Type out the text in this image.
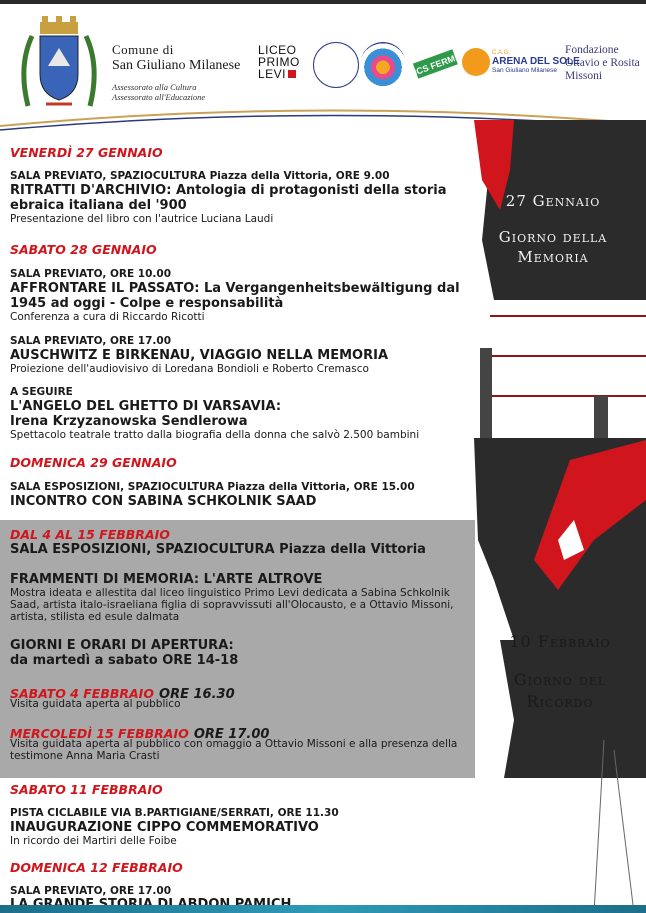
Comune di
San Giuliano Milanese
Assessorato alla Cultura
Assessorato all'Educazione
LICEO
PRIMO
LEVI	ICS FERMI	C.A.G.
ARENA DEL SOLE
San Giuliano Milanese
Fondazione
Ottavio e Rosita
Missoni
27 Gennaio
Giorno della
Memoria
10 Febbraio
Giorno del
Ricordo
VENERDÌ 27 GENNAIO
SALA PREVIATO, SPAZIOCULTURA Piazza della Vittoria, ORE 9.00
RITRATTI D'ARCHIVIO: Antologia di protagonisti della storia ebraica italiana del '900
Presentazione del libro con l'autrice Luciana Laudi
SABATO 28 GENNAIO
SALA PREVIATO, ORE 10.00
AFFRONTARE IL PASSATO: La Vergangenheitsbewältigung dal 1945 ad oggi - Colpe e responsabilità
Conferenza a cura di Riccardo Ricotti
SALA PREVIATO, ORE 17.00
AUSCHWITZ E BIRKENAU, VIAGGIO NELLA MEMORIA
Proiezione dell'audiovisivo di Loredana Bondioli e Roberto Cremasco
A SEGUIRE
L'ANGELO DEL GHETTO DI VARSAVIA:
Irena Krzyzanowska Sendlerowa
Spettacolo teatrale tratto dalla biografia della donna che salvò 2.500 bambini
DOMENICA 29 GENNAIO
SALA ESPOSIZIONI, SPAZIOCULTURA Piazza della Vittoria, ORE 15.00
INCONTRO CON SABINA SCHKOLNIK SAAD
DAL 4 AL 15 FEBBRAIO
SALA ESPOSIZIONI, SPAZIOCULTURA Piazza della Vittoria
FRAMMENTI DI MEMORIA: L'ARTE ALTROVE
Mostra ideata e allestita dal liceo linguistico Primo Levi dedicata a Sabina Schkolnik Saad, artista italo-israeliana figlia di sopravvissuti all'Olocausto, e a Ottavio Missoni, artista, stilista ed esule dalmata
GIORNI E ORARI DI APERTURA:
da martedì a sabato ORE 14-18
SABATO 4 FEBBRAIO ORE 16.30
Visita guidata aperta al pubblico
MERCOLEDÌ 15 FEBBRAIO ORE 17.00
Visita guidata aperta al pubblico con omaggio a Ottavio Missoni e alla presenza della testimone Anna Maria Crasti
SABATO 11 FEBBRAIO
PISTA CICLABILE VIA B.PARTIGIANE/SERRATI, ORE 11.30
INAUGURAZIONE CIPPO COMMEMORATIVO
In ricordo dei Martiri delle Foibe
DOMENICA 12 FEBBRAIO
SALA PREVIATO, ORE 17.00
